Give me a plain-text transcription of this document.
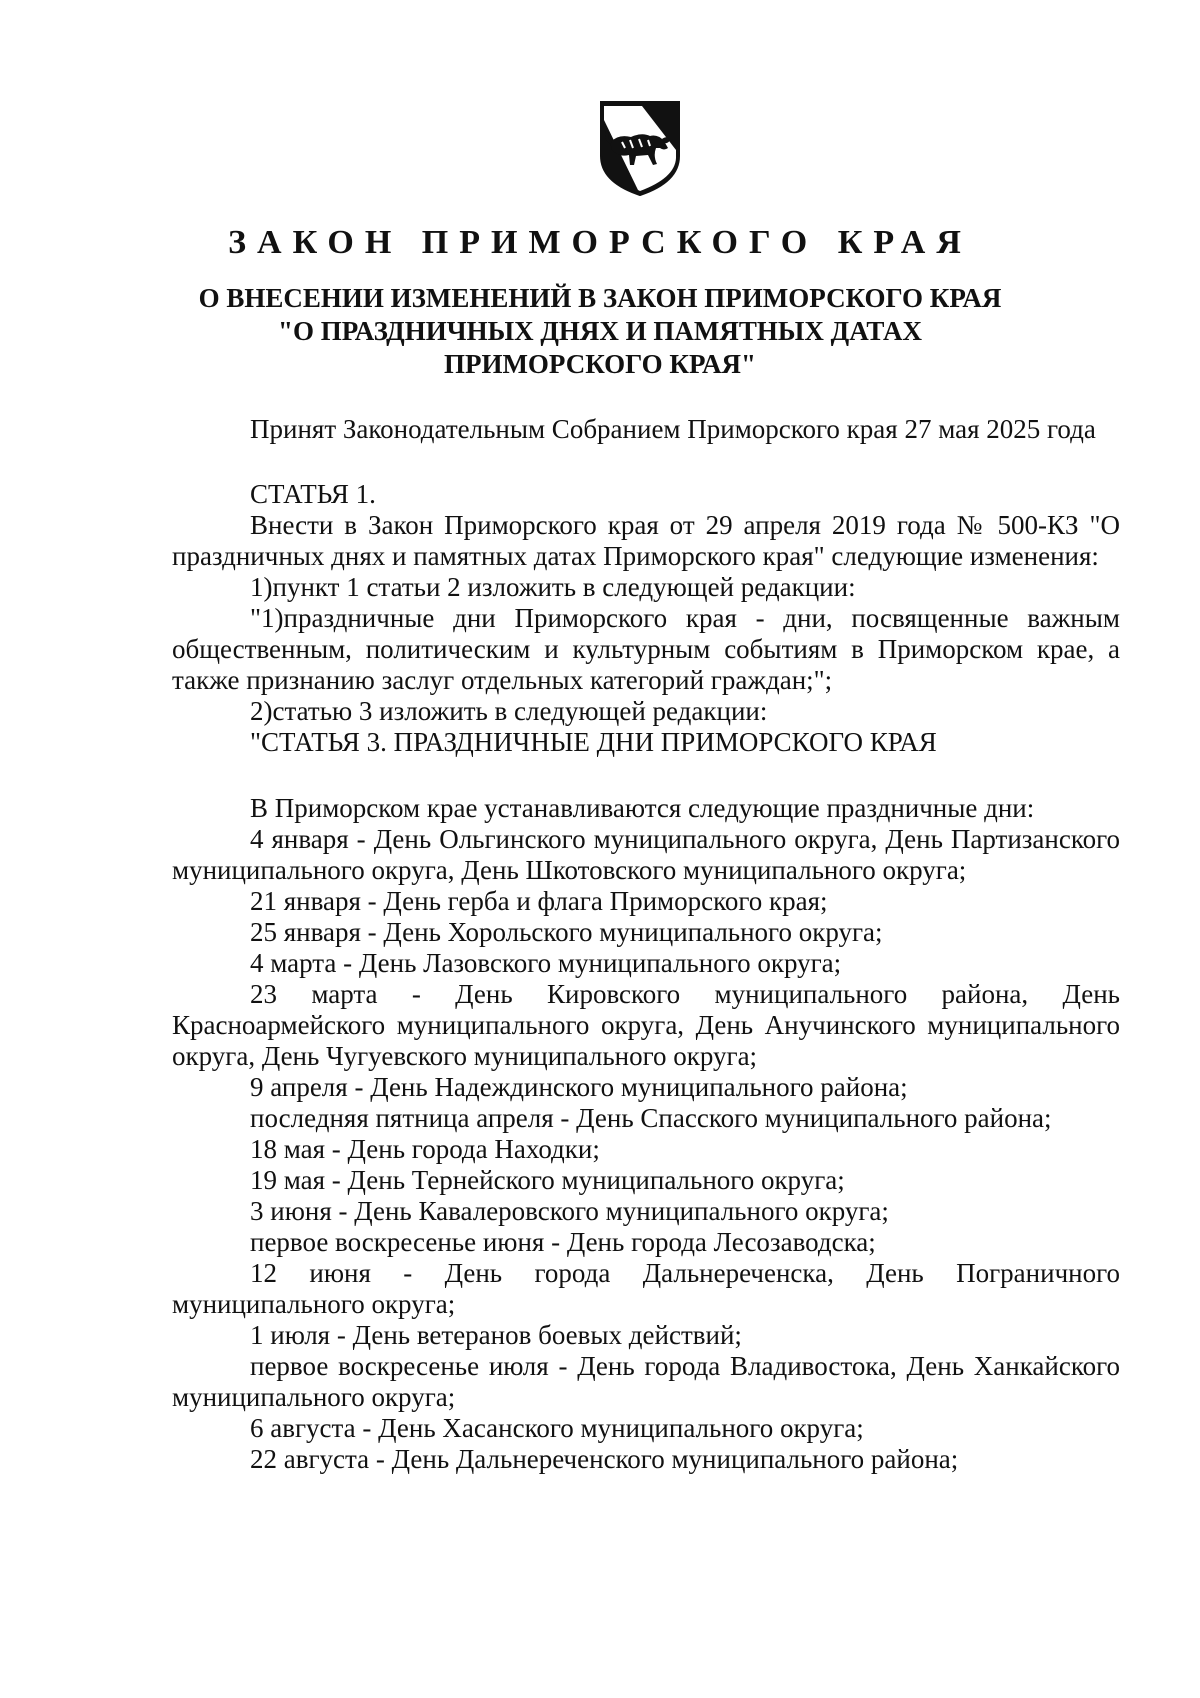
ЗАКОН ПРИМОРСКОГО КРАЯ
О ВНЕСЕНИИ ИЗМЕНЕНИЙ В ЗАКОН ПРИМОРСКОГО КРАЯ
"О ПРАЗДНИЧНЫХ ДНЯХ И ПАМЯТНЫХ ДАТАХ
ПРИМОРСКОГО КРАЯ"

Принят Законодательным Собранием Приморского края 27 мая 2025 года

СТАТЬЯ 1.

Внести в Закон Приморского края от 29 апреля 2019 года № 500-КЗ "О праздничных днях и памятных датах Приморского края" следующие изменения:

1)пункт 1 статьи 2 изложить в следующей редакции:

"1)праздничные дни Приморского края - дни, посвященные важным общественным, политическим и культурным событиям в Приморском крае, а также признанию заслуг отдельных категорий граждан;";

2)статью 3 изложить в следующей редакции:

"СТАТЬЯ 3. ПРАЗДНИЧНЫЕ ДНИ ПРИМОРСКОГО КРАЯ

В Приморском крае устанавливаются следующие праздничные дни:

4 января - День Ольгинского муниципального округа, День Партизанского муниципального округа, День Шкотовского муниципального округа;

21 января - День герба и флага Приморского края;

25 января - День Хорольского муниципального округа;

4 марта - День Лазовского муниципального округа;

23 марта - День Кировского муниципального района, День Красноармейского муниципального округа, День Анучинского муниципального округа, День Чугуевского муниципального округа;

9 апреля - День Надеждинского муниципального района;

последняя пятница апреля - День Спасского муниципального района;

18 мая - День города Находки;

19 мая - День Тернейского муниципального округа;

3 июня - День Кавалеровского муниципального округа;

первое воскресенье июня - День города Лесозаводска;

12 июня - День города Дальнереченска, День Пограничного муниципального округа;

1 июля - День ветеранов боевых действий;

первое воскресенье июля - День города Владивостока, День Ханкайского муниципального округа;

6 августа - День Хасанского муниципального округа;

22 августа - День Дальнереченского муниципального района;
